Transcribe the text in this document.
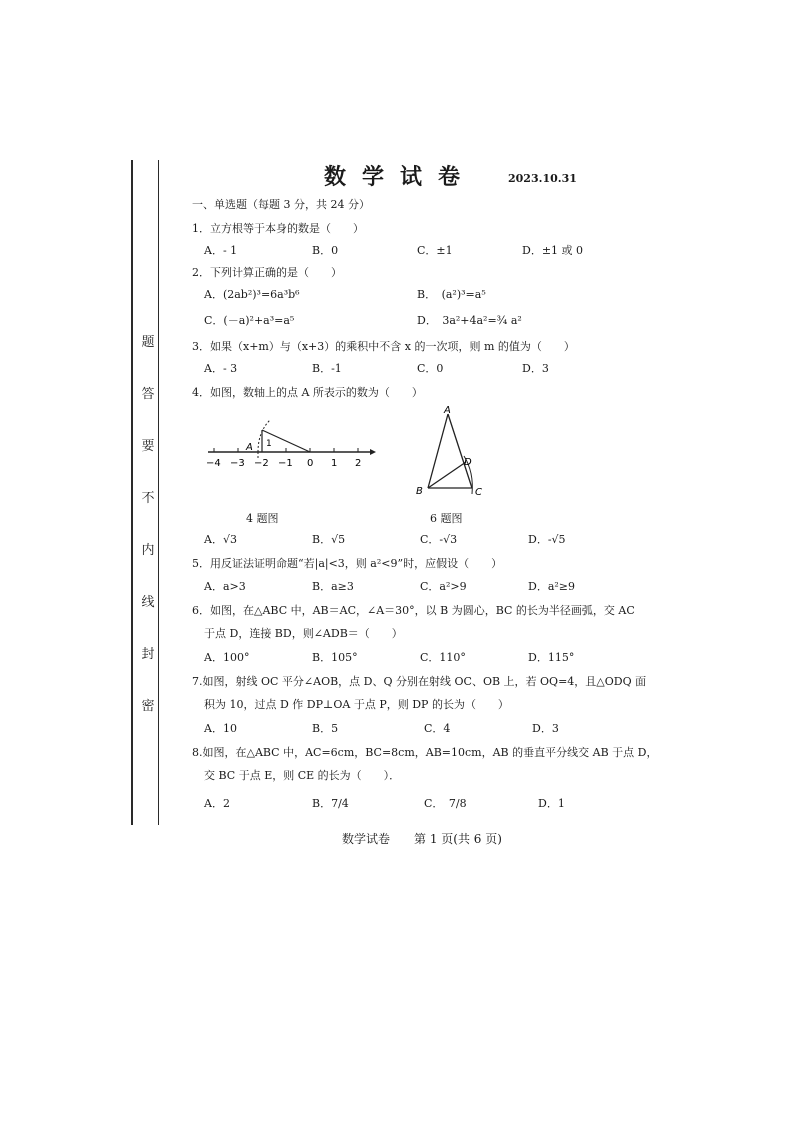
题
答
要
不
内
线
封
密
数学试卷	2023.10.31
一、单选题（每题 3 分，共 24 分）
1．立方根等于本身的数是（　　）
A．- 1	B．0	C．±1	D．±1 或 0
2．下列计算正确的是（　　）
A．(2ab²)³=6a³b⁶	B．　(a²)³=a⁵
C．(－a)²+a³=a⁵	D．　3a²+4a²=¾ a²
3．如果（x+m）与（x+3）的乘积中不含 x 的一次项，则 m 的值为（　　）
A．- 3	B．-1	C．0	D．3
4．如图，数轴上的点 A 所表示的数为（　　）
A 1
−4 −3 −2 −1 0 1 2
A
B	C
D
4 题图	6 题图
A．√3	B．√5	C．-√3	D．-√5
5．用反证法证明命题“若|a|<3，则 a²<9”时，应假设（　　）
A．a>3	B．a≥3	C．a²>9	D．a²≥9
6．如图，在△ABC 中，AB＝AC，∠A＝30°，以 B 为圆心，BC 的长为半径画弧，交 AC
于点 D，连接 BD，则∠ADB＝（　　）
A．100°	B．105°	C．110°	D．115°
7.如图，射线 OC 平分∠AOB，点 D、Q 分别在射线 OC、OB 上，若 OQ=4，且△ODQ 面
积为 10，过点 D 作 DP⊥OA 于点 P，则 DP 的长为（　　）
A．10	B．5	C．4	D．3
8.如图，在△ABC 中，AC=6cm，BC=8cm，AB=10cm，AB 的垂直平分线交 AB 于点 D，
交 BC 于点 E，则 CE 的长为（　　）．
A．2	B．7/4	C．　7/8	D．1
数学试卷　　第 1 页(共 6 页)
